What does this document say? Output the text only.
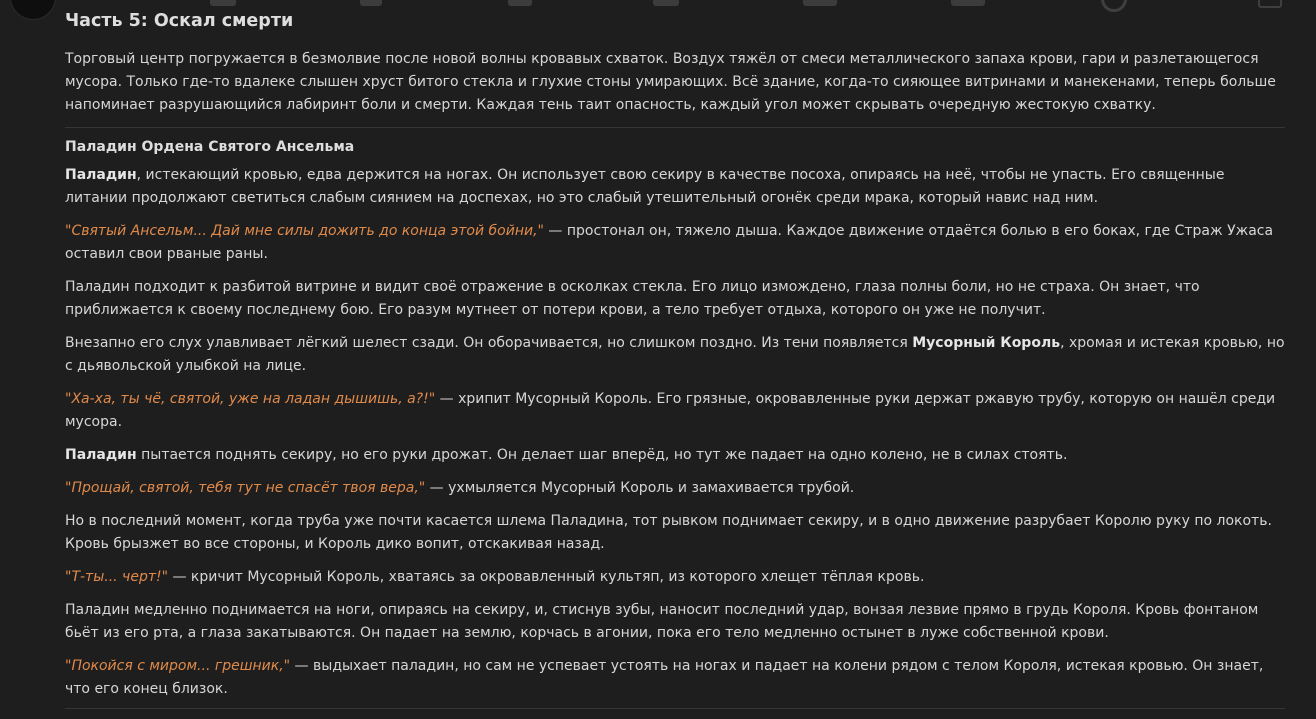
Часть 5: Оскал смерти
Торговый центр погружается в безмолвие после новой волны кровавых схваток. Воздух тяжёл от смеси металлического запаха крови, гари и разлетающегося мусора. Только где-то вдалеке слышен хруст битого стекла и глухие стоны умирающих. Всё здание, когда-то сияющее витринами и манекенами, теперь больше напоминает разрушающийся лабиринт боли и смерти. Каждая тень таит опасность, каждый угол может скрывать очередную жестокую схватку.
Паладин Ордена Святого Ансельма
Паладин, истекающий кровью, едва держится на ногах. Он использует свою секиру в качестве посоха, опираясь на неё, чтобы не упасть. Его священные литании продолжают светиться слабым сиянием на доспехах, но это слабый утешительный огонёк среди мрака, который навис над ним.
"Святый Ансельм... Дай мне силы дожить до конца этой бойни," — простонал он, тяжело дыша. Каждое движение отдаётся болью в его боках, где Страж Ужаса оставил свои рваные раны.
Паладин подходит к разбитой витрине и видит своё отражение в осколках стекла. Его лицо измождено, глаза полны боли, но не страха. Он знает, что приближается к своему последнему бою. Его разум мутнеет от потери крови, а тело требует отдыха, которого он уже не получит.
Внезапно его слух улавливает лёгкий шелест сзади. Он оборачивается, но слишком поздно. Из тени появляется Мусорный Король, хромая и истекая кровью, но с дьявольской улыбкой на лице.
"Ха-ха, ты чё, святой, уже на ладан дышишь, а?!" — хрипит Мусорный Король. Его грязные, окровавленные руки держат ржавую трубу, которую он нашёл среди мусора.
Паладин пытается поднять секиру, но его руки дрожат. Он делает шаг вперёд, но тут же падает на одно колено, не в силах стоять.
"Прощай, святой, тебя тут не спасёт твоя вера," — ухмыляется Мусорный Король и замахивается трубой.
Но в последний момент, когда труба уже почти касается шлема Паладина, тот рывком поднимает секиру, и в одно движение разрубает Королю руку по локоть. Кровь брызжет во все стороны, и Король дико вопит, отскакивая назад.
"Т-ты... черт!" — кричит Мусорный Король, хватаясь за окровавленный культяп, из которого хлещет тёплая кровь.
Паладин медленно поднимается на ноги, опираясь на секиру, и, стиснув зубы, наносит последний удар, вонзая лезвие прямо в грудь Короля. Кровь фонтаном бьёт из его рта, а глаза закатываются. Он падает на землю, корчась в агонии, пока его тело медленно остынет в луже собственной крови.
"Покойся с миром... грешник," — выдыхает паладин, но сам не успевает устоять на ногах и падает на колени рядом с телом Короля, истекая кровью. Он знает, что его конец близок.
